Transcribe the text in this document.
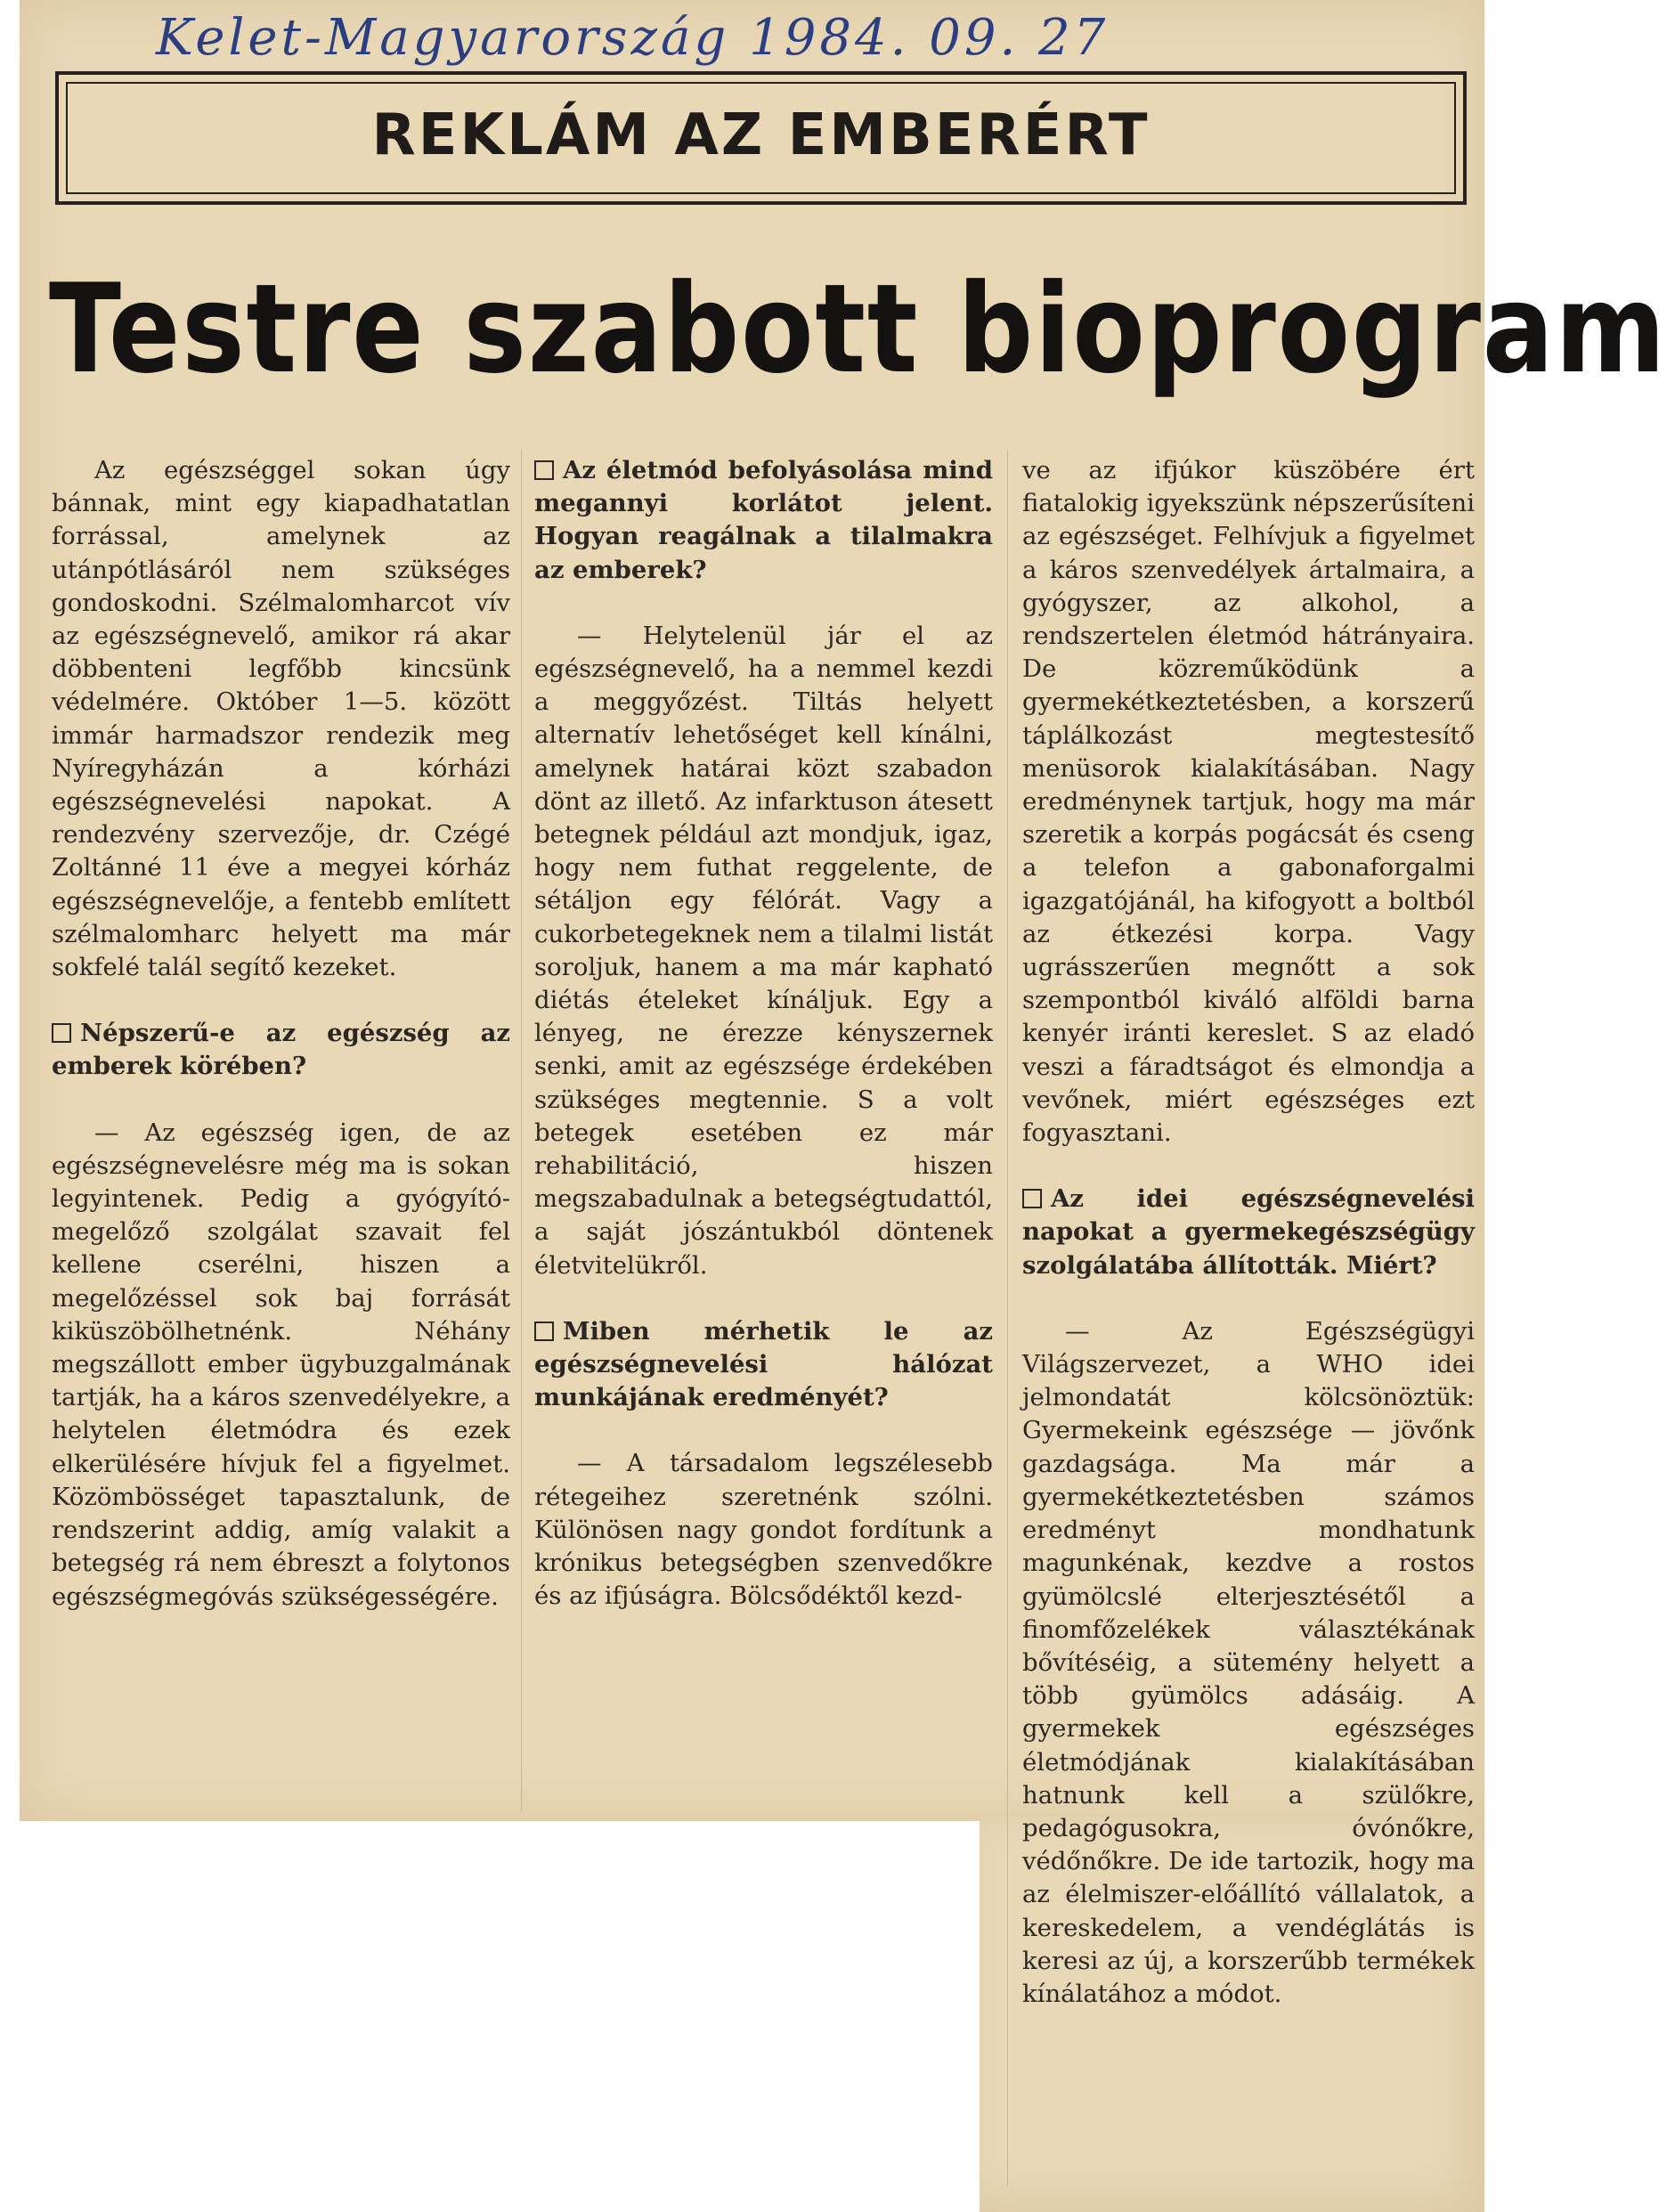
Kelet-Magyarország 1984. 09. 27
REKLÁM AZ EMBERÉRT
Testre szabott bioprogram

Az egészséggel sokan úgy bánnak, mint egy kiapadhatatlan forrással, amelynek az utánpótlásáról nem szükséges gondoskodni. Szélmalomharcot vív az egészségnevelő, amikor rá akar döbbenteni legfőbb kincsünk védelmére. Október 1—5. között immár harmadszor rendezik meg Nyíregyházán a kórházi egészségnevelési napokat. A rendezvény szervezője, dr. Czégé Zoltánné 11 éve a megyei kórház egészségnevelője, a fentebb említett szélmalomharc helyett ma már sokfelé talál segítő kezeket.

Népszerű-e az egészség az emberek körében?

— Az egészség igen, de az egészségnevelésre még ma is sokan legyintenek. Pedig a gyógyító-megelőző szolgálat szavait fel kellene cserélni, hiszen a megelőzéssel sok baj forrását kiküszöbölhetnénk. Néhány megszállott ember ügybuzgalmának tartják, ha a káros szenvedélyekre, a helytelen életmódra és ezek elkerülésére hívjuk fel a figyelmet. Közömbösséget tapasztalunk, de rendszerint addig, amíg valakit a betegség rá nem ébreszt a folytonos egészségmegóvás szükségességére.

Az életmód befolyásolása mind megannyi korlátot jelent. Hogyan reagálnak a tilalmakra az emberek?

— Helytelenül jár el az egészségnevelő, ha a nemmel kezdi a meggyőzést. Tiltás helyett alternatív lehetőséget kell kínálni, amelynek határai közt szabadon dönt az illető. Az infarktuson átesett betegnek például azt mondjuk, igaz, hogy nem futhat reggelente, de sétáljon egy félórát. Vagy a cukorbetegeknek nem a tilalmi listát soroljuk, hanem a ma már kapható diétás ételeket kínáljuk. Egy a lényeg, ne érezze kényszernek senki, amit az egészsége érdekében szükséges megtennie. S a volt betegek esetében ez már rehabilitáció, hiszen megszabadulnak a betegségtudattól, a saját jószántukból döntenek életvitelükről.

Miben mérhetik le az egészségnevelési hálózat munkájának eredményét?

— A társadalom legszélesebb rétegeihez szeretnénk szólni. Különösen nagy gondot fordítunk a krónikus betegségben szenvedőkre és az ifjúságra. Bölcsődéktől kezd-

ve az ifjúkor küszöbére ért fiatalokig igyekszünk népszerűsíteni az egészséget. Felhívjuk a figyelmet a káros szenvedélyek ártalmaira, a gyógyszer, az alkohol, a rendszertelen életmód hátrányaira. De közreműködünk a gyermekétkeztetésben, a korszerű táplálkozást megtestesítő menüsorok kialakításában. Nagy eredménynek tartjuk, hogy ma már szeretik a korpás pogácsát és cseng a telefon a gabonaforgalmi igazgatójánál, ha kifogyott a boltból az étkezési korpa. Vagy ugrásszerűen megnőtt a sok szempontból kiváló alföldi barna kenyér iránti kereslet. S az eladó veszi a fáradtságot és elmondja a vevőnek, miért egészséges ezt fogyasztani.

Az idei egészségnevelési napokat a gyermekegészségügy szolgálatába állították. Miért?

— Az Egészségügyi Világszervezet, a WHO idei jelmondatát kölcsönöztük: Gyermekeink egészsége — jövőnk gazdagsága. Ma már a gyermekétkeztetésben számos eredményt mondhatunk magunkénak, kezdve a rostos gyümölcslé elterjesztésétől a finomfőzelékek választékának bővítéséig, a sütemény helyett a több gyümölcs adásáig. A gyermekek egészséges életmódjának kialakításában hatnunk kell a szülőkre, pedagógusokra, óvónőkre, védőnőkre. De ide tartozik, hogy ma az élelmiszer-előállító vállalatok, a kereskedelem, a vendéglátás is keresi az új, a korszerűbb termékek kínálatához a módot.
